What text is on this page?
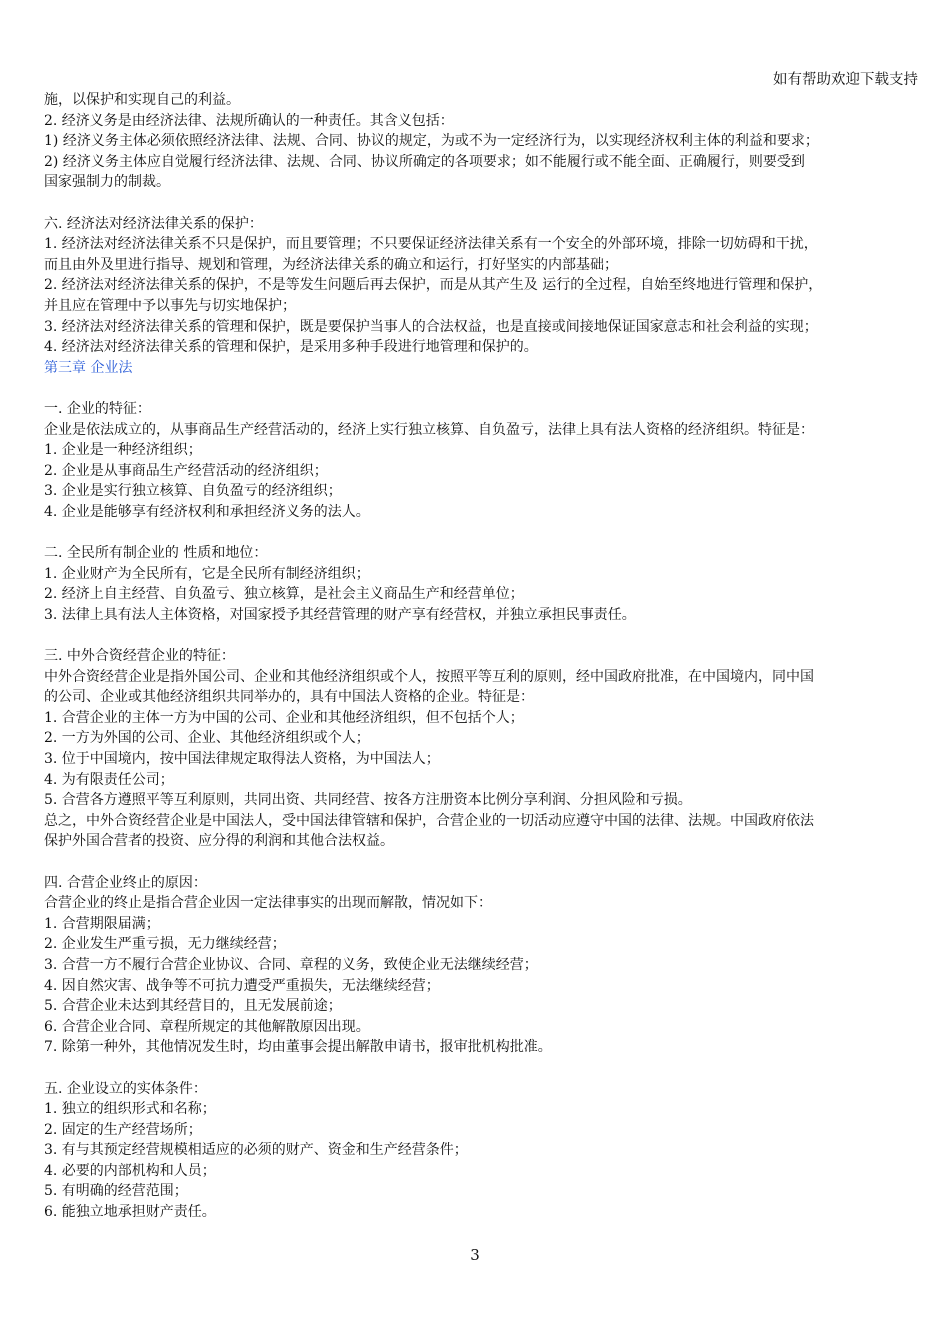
如有帮助欢迎下载支持
施，以保护和实现自己的利益。
2. 经济义务是由经济法律、法规所确认的一种责任。其含义包括：
1) 经济义务主体必须依照经济法律、法规、合同、协议的规定，为或不为一定经济行为，以实现经济权利主体的利益和要求；
2) 经济义务主体应自觉履行经济法律、法规、合同、协议所确定的各项要求；如不能履行或不能全面、正确履行，则要受到
国家强制力的制裁。
六. 经济法对经济法律关系的保护：
1. 经济法对经济法律关系不只是保护，而且要管理；不只要保证经济法律关系有一个安全的外部环境，排除一切妨碍和干扰，
而且由外及里进行指导、规划和管理，为经济法律关系的确立和运行，打好坚实的内部基础；
2. 经济法对经济法律关系的保护，不是等发生问题后再去保护，而是从其产生及 运行的全过程，自始至终地进行管理和保护，
并且应在管理中予以事先与切实地保护；
3. 经济法对经济法律关系的管理和保护，既是要保护当事人的合法权益，也是直接或间接地保证国家意志和社会利益的实现；
4. 经济法对经济法律关系的管理和保护，是采用多种手段进行地管理和保护的。
第三章 企业法
一. 企业的特征：
企业是依法成立的，从事商品生产经营活动的，经济上实行独立核算、自负盈亏，法律上具有法人资格的经济组织。特征是：
1. 企业是一种经济组织；
2. 企业是从事商品生产经营活动的经济组织；
3. 企业是实行独立核算、自负盈亏的经济组织；
4. 企业是能够享有经济权利和承担经济义务的法人。
二. 全民所有制企业的 性质和地位：
1. 企业财产为全民所有，它是全民所有制经济组织；
2. 经济上自主经营、自负盈亏、独立核算，是社会主义商品生产和经营单位；
3. 法律上具有法人主体资格，对国家授予其经营管理的财产享有经营权，并独立承担民事责任。
三. 中外合资经营企业的特征：
中外合资经营企业是指外国公司、企业和其他经济组织或个人，按照平等互利的原则，经中国政府批准，在中国境内，同中国
的公司、企业或其他经济组织共同举办的，具有中国法人资格的企业。特征是：
1. 合营企业的主体一方为中国的公司、企业和其他经济组织，但不包括个人；
2. 一方为外国的公司、企业、其他经济组织或个人；
3. 位于中国境内，按中国法律规定取得法人资格，为中国法人；
4. 为有限责任公司；
5. 合营各方遵照平等互利原则，共同出资、共同经营、按各方注册资本比例分享利润、分担风险和亏损。
总之，中外合资经营企业是中国法人，受中国法律管辖和保护，合营企业的一切活动应遵守中国的法律、法规。中国政府依法
保护外国合营者的投资、应分得的利润和其他合法权益。
四. 合营企业终止的原因：
合营企业的终止是指合营企业因一定法律事实的出现而解散，情况如下：
1. 合营期限届满；
2. 企业发生严重亏损，无力继续经营；
3. 合营一方不履行合营企业协议、合同、章程的义务，致使企业无法继续经营；
4. 因自然灾害、战争等不可抗力遭受严重损失，无法继续经营；
5. 合营企业未达到其经营目的，且无发展前途；
6. 合营企业合同、章程所规定的其他解散原因出现。
7. 除第一种外，其他情况发生时，均由董事会提出解散申请书，报审批机构批准。
五. 企业设立的实体条件：
1. 独立的组织形式和名称；
2. 固定的生产经营场所；
3. 有与其预定经营规模相适应的必须的财产、资金和生产经营条件；
4. 必要的内部机构和人员；
5. 有明确的经营范围；
6. 能独立地承担财产责任。
3
